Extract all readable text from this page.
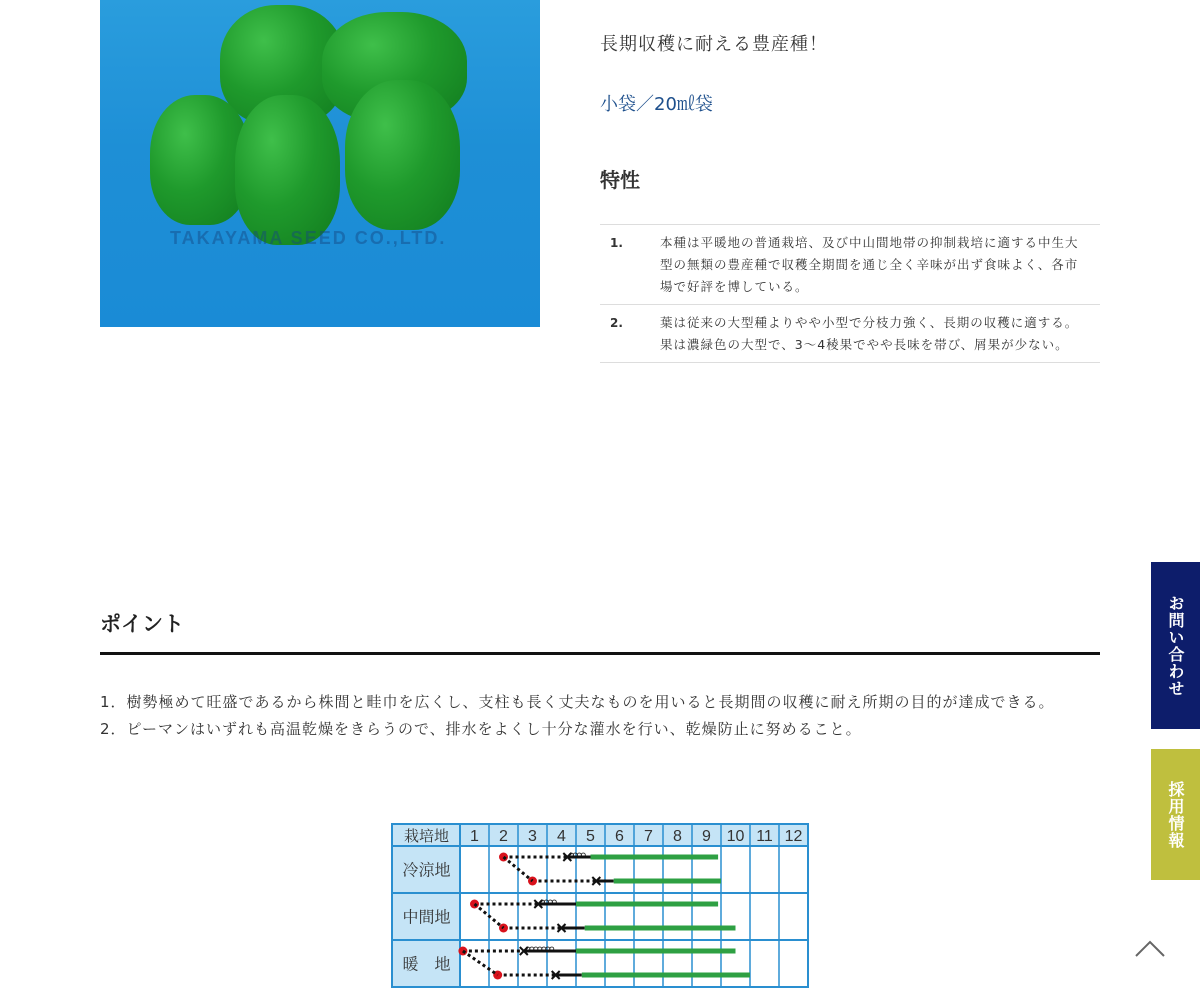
TAKAYAMA SEED CO.,LTD.
長期収穫に耐える豊産種！
小袋／20㎖袋
特性
1.	本種は平暖地の普通栽培、及び中山間地帯の抑制栽培に適する中生大型の無類の豊産種で収穫全期間を通じ全く辛味が出ず食味よく、各市場で好評を博している。
2.	葉は従来の大型種よりやや小型で分枝力強く、長期の収穫に適する。果は濃緑色の大型で、3〜4稜果でやや長味を帯び、屑果が少ない。
ポイント
1．樹勢極めて旺盛であるから株間と畦巾を広くし、支柱も長く丈夫なものを用いると長期間の収穫に耐え所期の目的が達成できる。
2．ピーマンはいずれも高温乾燥をきらうので、排水をよくし十分な灌水を行い、乾燥防止に努めること。
栽培地 1 2 3 4 5 6 7 8 9 10 11 12
冷涼地
中間地
暖　地
お問い合わせ
採用情報
